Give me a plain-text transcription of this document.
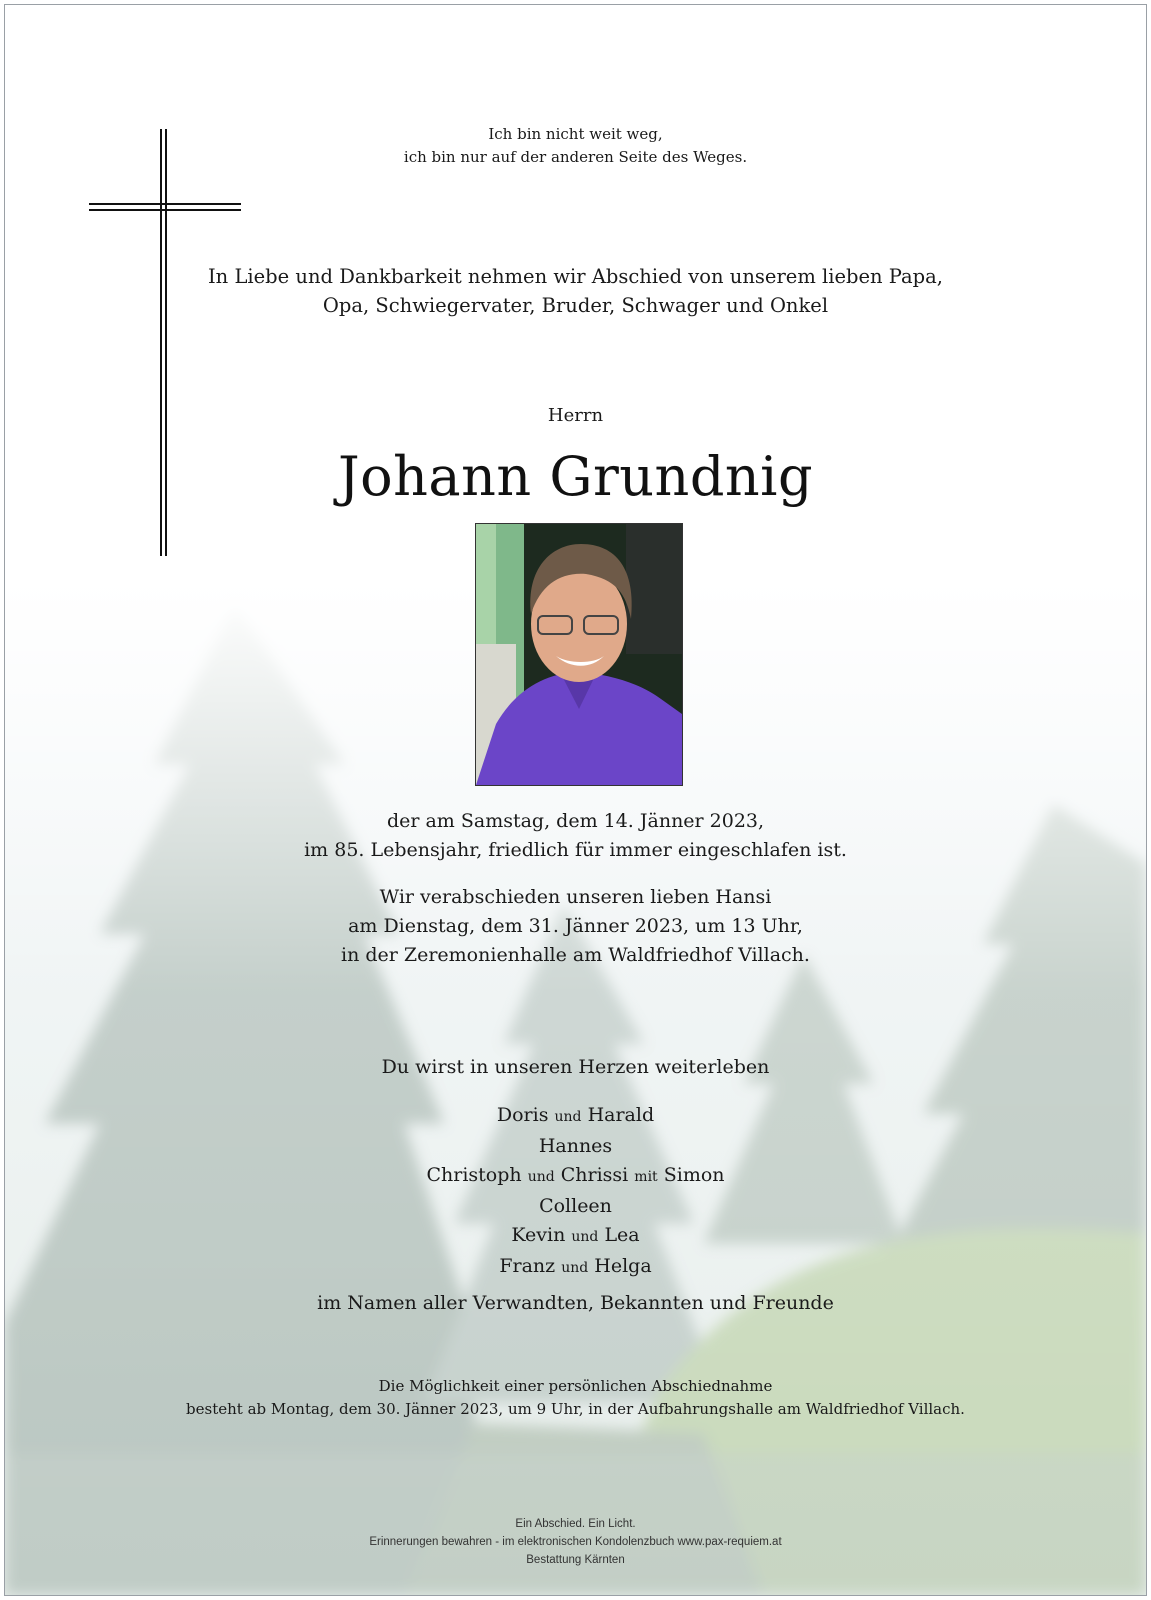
Ich bin nicht weit weg,
ich bin nur auf der anderen Seite des Weges.
In Liebe und Dankbarkeit nehmen wir Abschied von unserem lieben Papa,
Opa, Schwiegervater, Bruder, Schwager und Onkel
Herrn
Johann Grundnig
der am Samstag, dem 14. Jänner 2023,
im 85. Lebensjahr, friedlich für immer eingeschlafen ist.
Wir verabschieden unseren lieben Hansi
am Dienstag, dem 31. Jänner 2023, um 13 Uhr,
in der Zeremonienhalle am Waldfriedhof Villach.
Du wirst in unseren Herzen weiterleben
Doris und Harald
Hannes
Christoph und Chrissi mit Simon
Colleen
Kevin und Lea
Franz und Helga
im Namen aller Verwandten, Bekannten und Freunde
Die Möglichkeit einer persönlichen Abschiednahme
besteht ab Montag, dem 30. Jänner 2023, um 9 Uhr, in der Aufbahrungshalle am Waldfriedhof Villach.
Ein Abschied. Ein Licht.
Erinnerungen bewahren - im elektronischen Kondolenzbuch www.pax-requiem.at
Bestattung Kärnten
